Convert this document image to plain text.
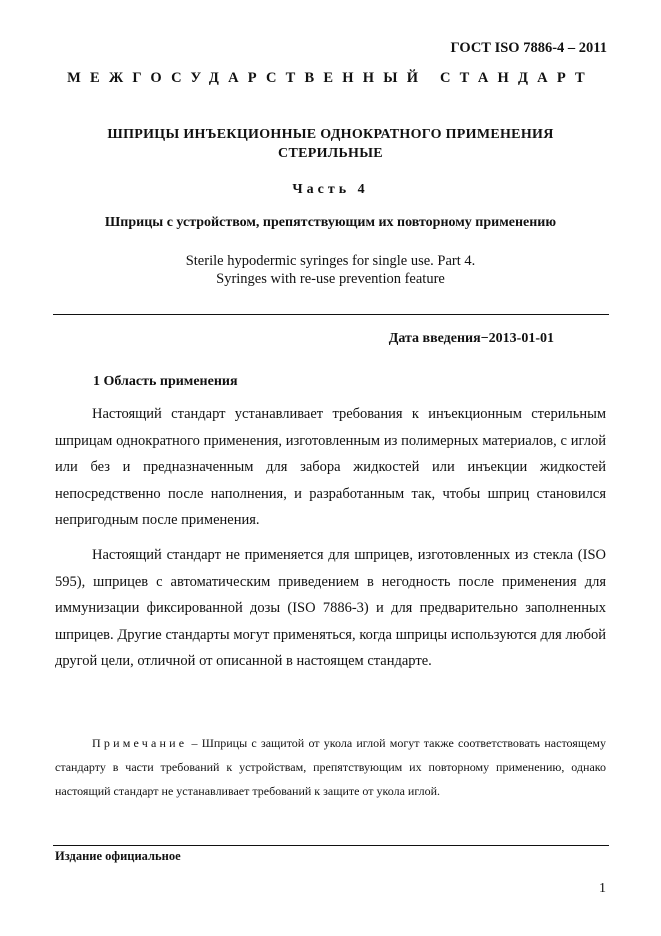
ГОСТ ISO 7886-4 – 2011
МЕЖГОСУДАРСТВЕННЫЙ СТАНДАРТ
ШПРИЦЫ ИНЪЕКЦИОННЫЕ ОДНОКРАТНОГО ПРИМЕНЕНИЯ
СТЕРИЛЬНЫЕ
Часть 4
Шприцы с устройством, препятствующим их повторному применению
Sterile hypodermic syringes for single use. Part 4.
Syringes with re-use prevention feature
Дата введения−2013-01-01
1 Область применения

Настоящий стандарт устанавливает требования к инъекционным стерильным шприцам однократного применения, изготовленным из полимерных материалов, с иглой или без и предназначенным для забора жидкостей или инъекции жидкостей непосредственно после наполнения, и разработанным так, чтобы шприц становился непригодным после применения.

Настоящий стандарт не применяется для шприцев, изготовленных из стекла (ISO 595), шприцев с автоматическим приведением в негодность после применения для иммунизации фиксированной дозы (ISO 7886-3) и для предварительно заполненных шприцев. Другие стандарты могут применяться, когда шприцы используются для любой другой цели, отличной от описанной в настоящем стандарте.

Примечание – Шприцы с защитой от укола иглой могут также соответствовать настоящему стандарту в части требований к устройствам, препятствующим их повторному применению, однако настоящий стандарт не устанавливает требований к защите от укола иглой.

Издание официальное
1
